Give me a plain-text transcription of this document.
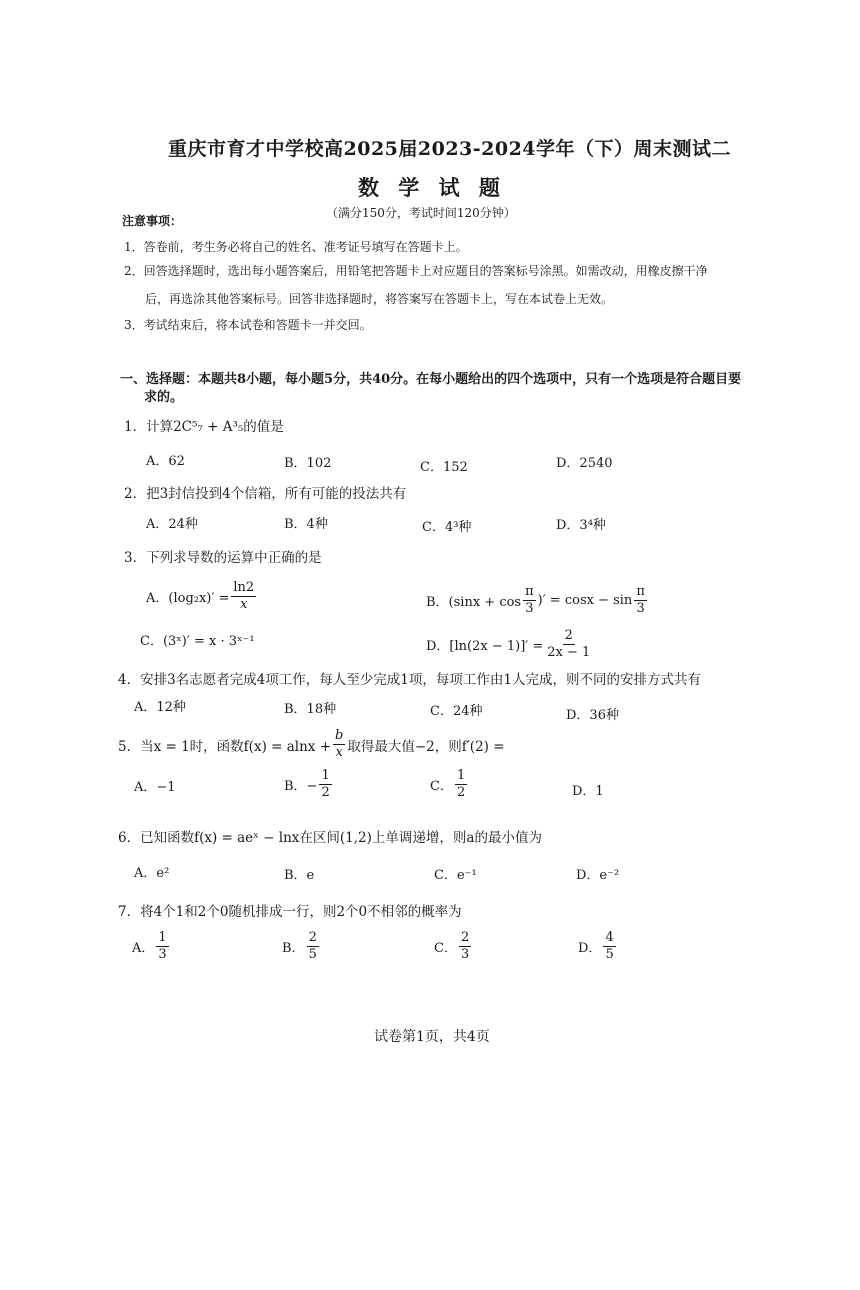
重庆市育才中学校高2025届2023-2024学年（下）周末测试二
数 学 试 题
（满分150分，考试时间120分钟）
注意事项：
1．答卷前，考生务必将自己的姓名、准考证号填写在答题卡上。
2．回答选择题时，选出每小题答案后，用铅笔把答题卡上对应题目的答案标号涂黑。如需改动，用橡皮擦干净
后，再选涂其他答案标号。回答非选择题时，将答案写在答题卡上，写在本试卷上无效。
3．考试结束后，将本试卷和答题卡一并交回。
一、选择题：本题共8小题，每小题5分，共40分。在每小题给出的四个选项中，只有一个选项是符合题目要
求的。
1．计算2C⁵₇ + A³₅的值是
A．62	B．102	C．152	D．2540
2．把3封信投到4个信箱，所有可能的投法共有
A．24种	B．4种	C．4³种	D．3⁴种
3．下列求导数的运算中正确的是
A．$(\log_2x)' = \frac{\ln 2}{x}$	B．($\sin x + \cos \frac{\pi}{3}$ )′ = $\cos x - \sin \frac{\pi}{3}$
C．(3ˣ)′ = x · 3ˣ⁻¹	D．$[\ln(2x - 1)]' = \frac{2}{2x - 1}$
4．安排3名志愿者完成4项工作，每人至少完成1项，每项工作由1人完成，则不同的安排方式共有
A．12种	B．18种	C．24种	D．36种
5．当x = 1时，函数$f(x) = alnx + \frac{b}{x}$ 取得最大值−2，则f′(2) =
A．−1	B．− $\frac{1}{2}$	C． $\frac{1}{2}$	D．1
6．已知函数f(x) = aeˣ − lnx在区间(1,2)上单调递增，则a的最小值为
A．e²	B．e	C．e⁻¹	D．e⁻²
7．将4个1和2个0随机排成一行，则2个0不相邻的概率为
A． $\frac{1}{3}$	B． $\frac{2}{5}$	C． $\frac{2}{3}$	D． $\frac{4}{5}$
试卷第1页，共4页
